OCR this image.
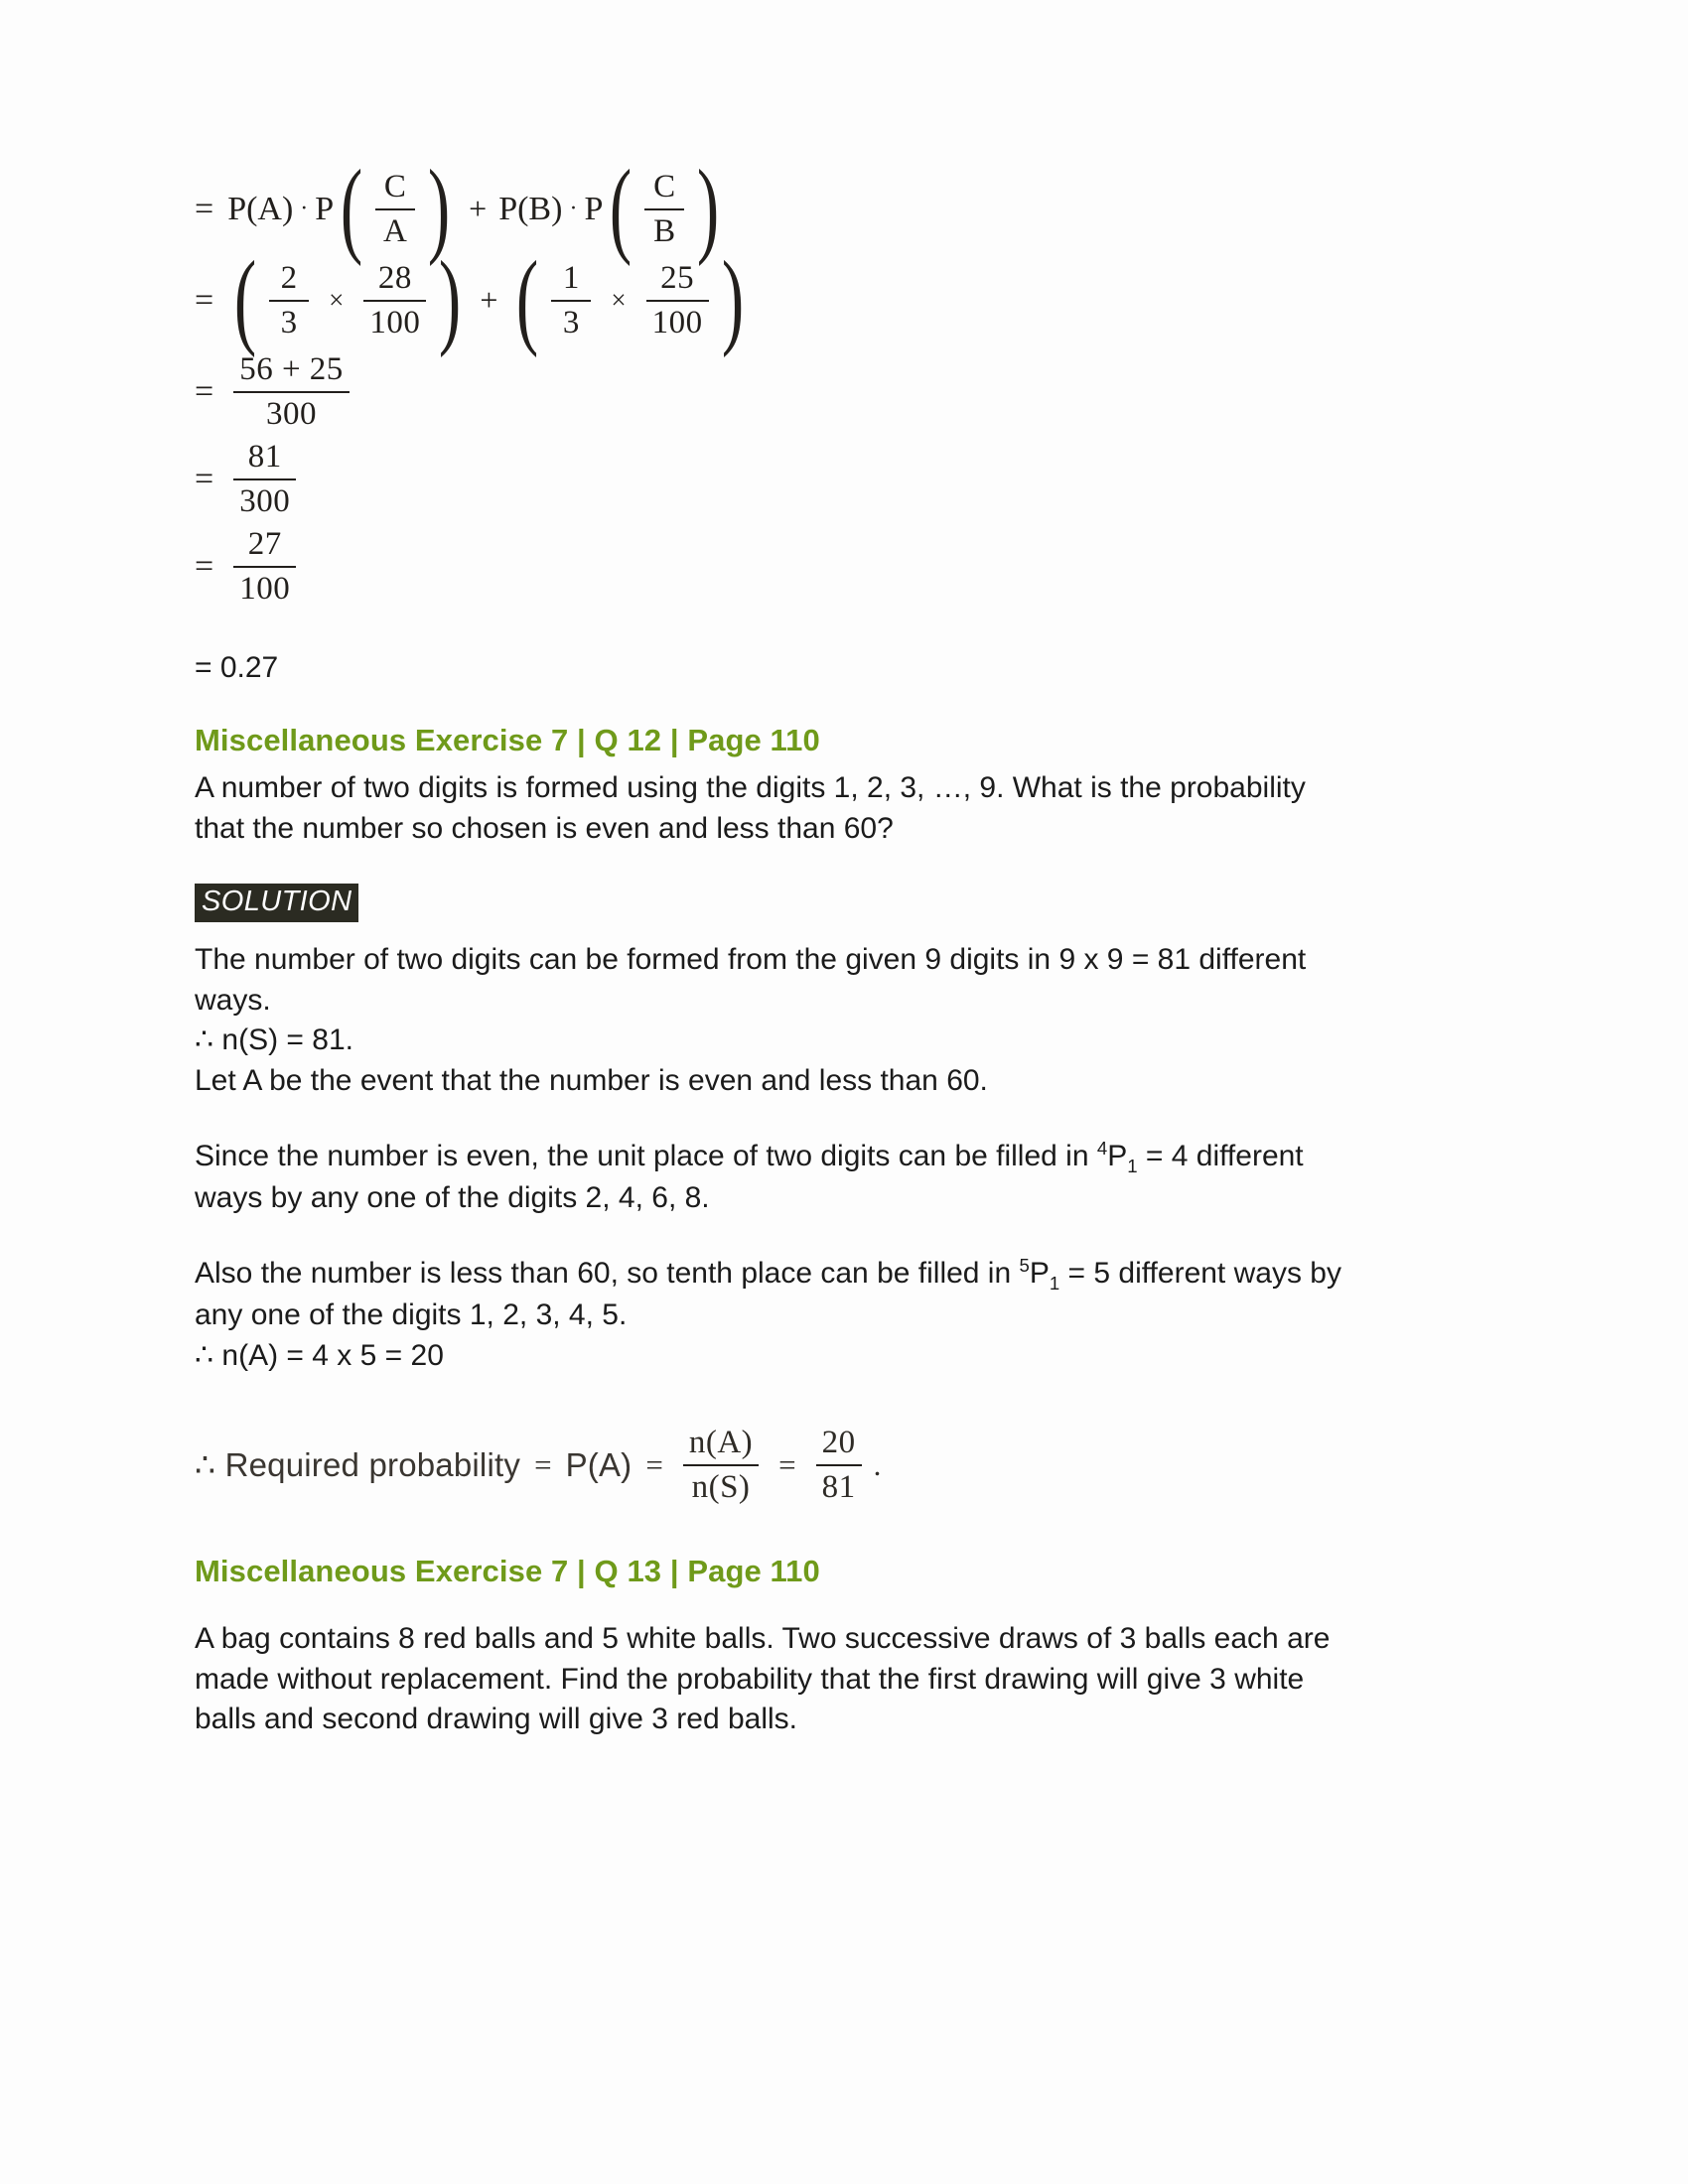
= P(A) · P ( $\frac{C}{A}$ ) + P(B) · P ( $\frac{C}{B}$ )
= ( $\frac{2}{3} \times \frac{28}{100}$ ) + ( $\frac{1}{3} \times \frac{25}{100}$ )
= $\frac{56 + 25}{300}$
= $\frac{81}{300}$
= $\frac{27}{100}$
= 0.27
Miscellaneous Exercise 7 | Q 12 | Page 110
A number of two digits is formed using the digits 1, 2, 3, …, 9. What is the probability
that the number so chosen is even and less than 60?
SOLUTION
The number of two digits can be formed from the given 9 digits in 9 x 9 = 81 different
ways.
∴ n(S) = 81.
Let A be the event that the number is even and less than 60.
Since the number is even, the unit place of two digits can be filled in $^4P_1 = 4$ different
ways by any one of the digits 2, 4, 6, 8.
Also the number is less than 60, so tenth place can be filled in $^5P_1 = 5$ different ways by
any one of the digits 1, 2, 3, 4, 5.
∴ n(A) = 4 x 5 = 20
∴ Required probability = $P(A) = \frac{n(A)}{n(S)} = \frac{20}{81}$ .
Miscellaneous Exercise 7 | Q 13 | Page 110
A bag contains 8 red balls and 5 white balls. Two successive draws of 3 balls each are
made without replacement. Find the probability that the first drawing will give 3 white
balls and second drawing will give 3 red balls.
